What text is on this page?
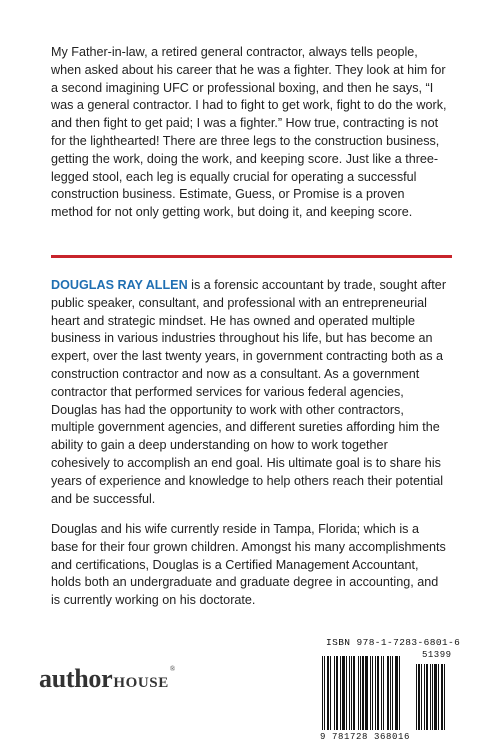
My Father-in-law, a retired general contractor, always tells people, when asked about his career that he was a fighter. They look at him for a second imagining UFC or professional boxing, and then he says, “I was a general contractor. I had to fight to get work, fight to do the work, and then fight to get paid; I was a fighter.” How true, contracting is not for the lighthearted! There are three legs to the construction business, getting the work, doing the work, and keeping score. Just like a three-legged stool, each leg is equally crucial for operating a successful construction business. Estimate, Guess, or Promise is a proven method for not only getting work, but doing it, and keeping score.

DOUGLAS RAY ALLEN is a forensic accountant by trade, sought after public speaker, consultant, and professional with an entrepreneurial heart and strategic mindset. He has owned and operated multiple business in various industries throughout his life, but has become an expert, over the last twenty years, in government contracting both as a construction contractor and now as a consultant. As a government contractor that performed services for various federal agencies, Douglas has had the opportunity to work with other contractors, multiple government agencies, and different sureties affording him the ability to gain a deep understanding on how to work together cohesively to accomplish an end goal. His ultimate goal is to share his years of experience and knowledge to help others reach their potential and be successful.

Douglas and his wife currently reside in Tampa, Florida; which is a base for their four grown children. Amongst his many accomplishments and certifications, Douglas is a Certified Management Accountant, holds both an undergraduate and graduate degree in accounting, and is currently working on his doctorate.

authorHOUSE®
ISBN 978-1-7283-6801-6
51399
9 781728 368016
